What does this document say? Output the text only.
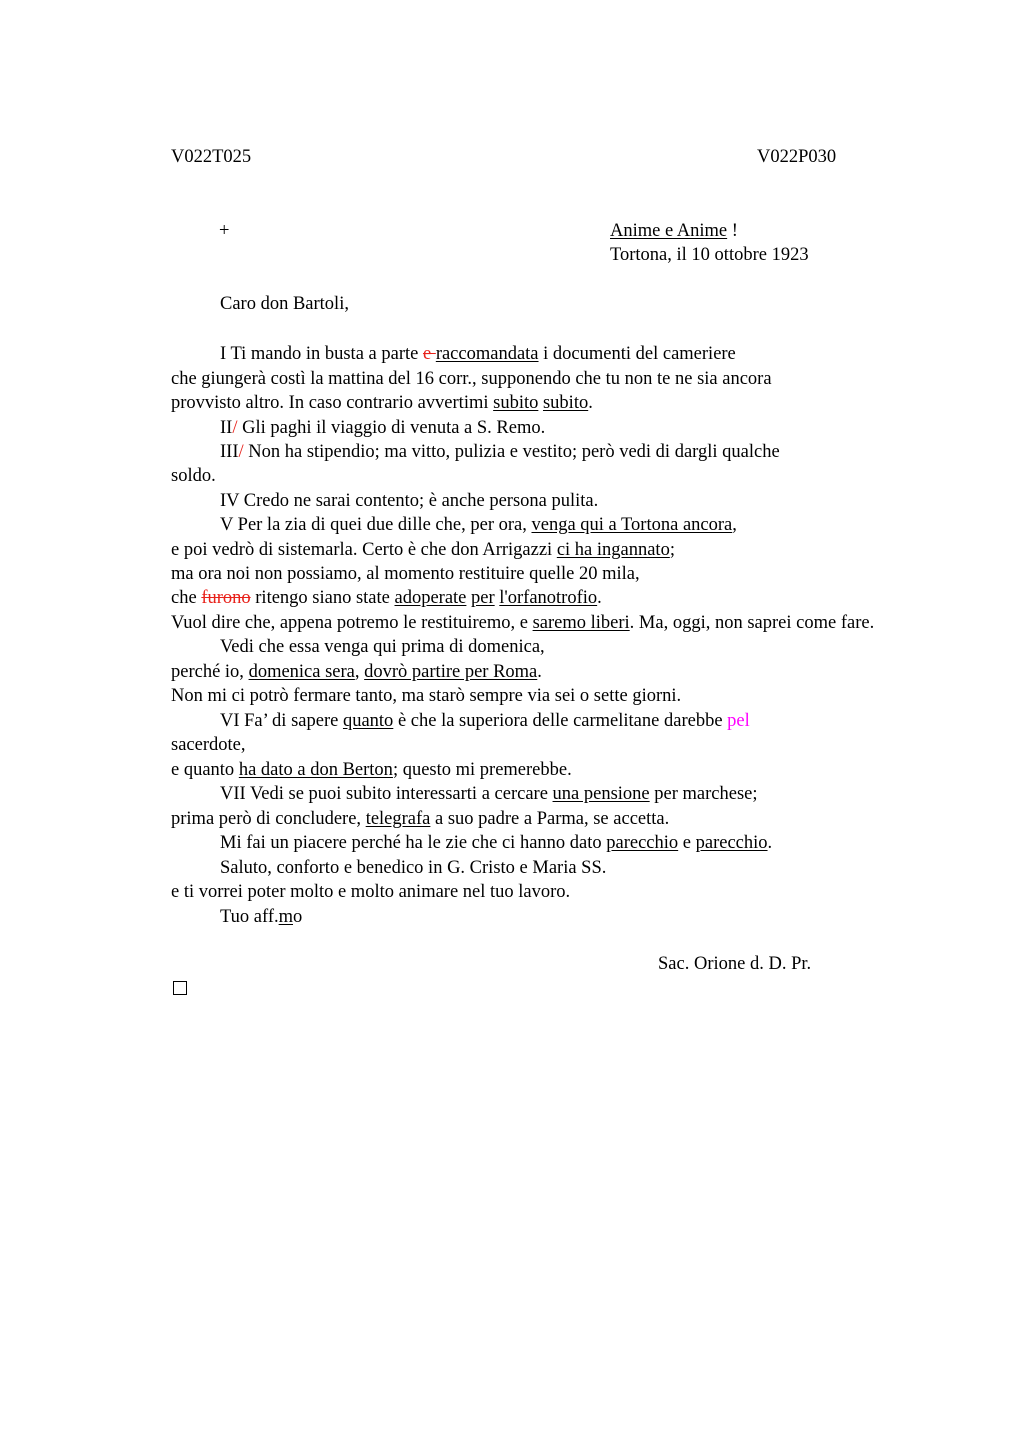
V022T025	V022P030
+	Anime e Anime !
Tortona, il 10 ottobre 1923
Caro don Bartoli,
I Ti mando in busta a parte e raccomandata i documenti del cameriere
che giungerà costì la mattina del 16 corr., supponendo che tu non te ne sia ancora
provvisto altro. In caso contrario avvertimi subito subito.
II/ Gli paghi il viaggio di venuta a S. Remo.
III/ Non ha stipendio; ma vitto, pulizia e vestito; però vedi di dargli qualche
soldo.
IV Credo ne sarai contento; è anche persona pulita.
V Per la zia di quei due dille che, per ora, venga qui a Tortona ancora,
e poi vedrò di sistemarla. Certo è che don Arrigazzi ci ha ingannato;
ma ora noi non possiamo, al momento restituire quelle 20 mila,
che furono ritengo siano state adoperate per l'orfanotrofio.
Vuol dire che, appena potremo le restituiremo, e saremo liberi. Ma, oggi, non saprei come fare.
Vedi che essa venga qui prima di domenica,
perché io, domenica sera, dovrò partire per Roma.
Non mi ci potrò fermare tanto, ma starò sempre via sei o sette giorni.
VI Fa’ di sapere quanto è che la superiora delle carmelitane darebbe pel
sacerdote,
e quanto ha dato a don Berton; questo mi premerebbe.
VII Vedi se puoi subito interessarti a cercare una pensione per marchese;
prima però di concludere, telegrafa a suo padre a Parma, se accetta.
Mi fai un piacere perché ha le zie che ci hanno dato parecchio e parecchio.
Saluto, conforto e benedico in G. Cristo e Maria SS.
e ti vorrei poter molto e molto animare nel tuo lavoro.
Tuo aff.mo
Sac. Orione d. D. Pr.
